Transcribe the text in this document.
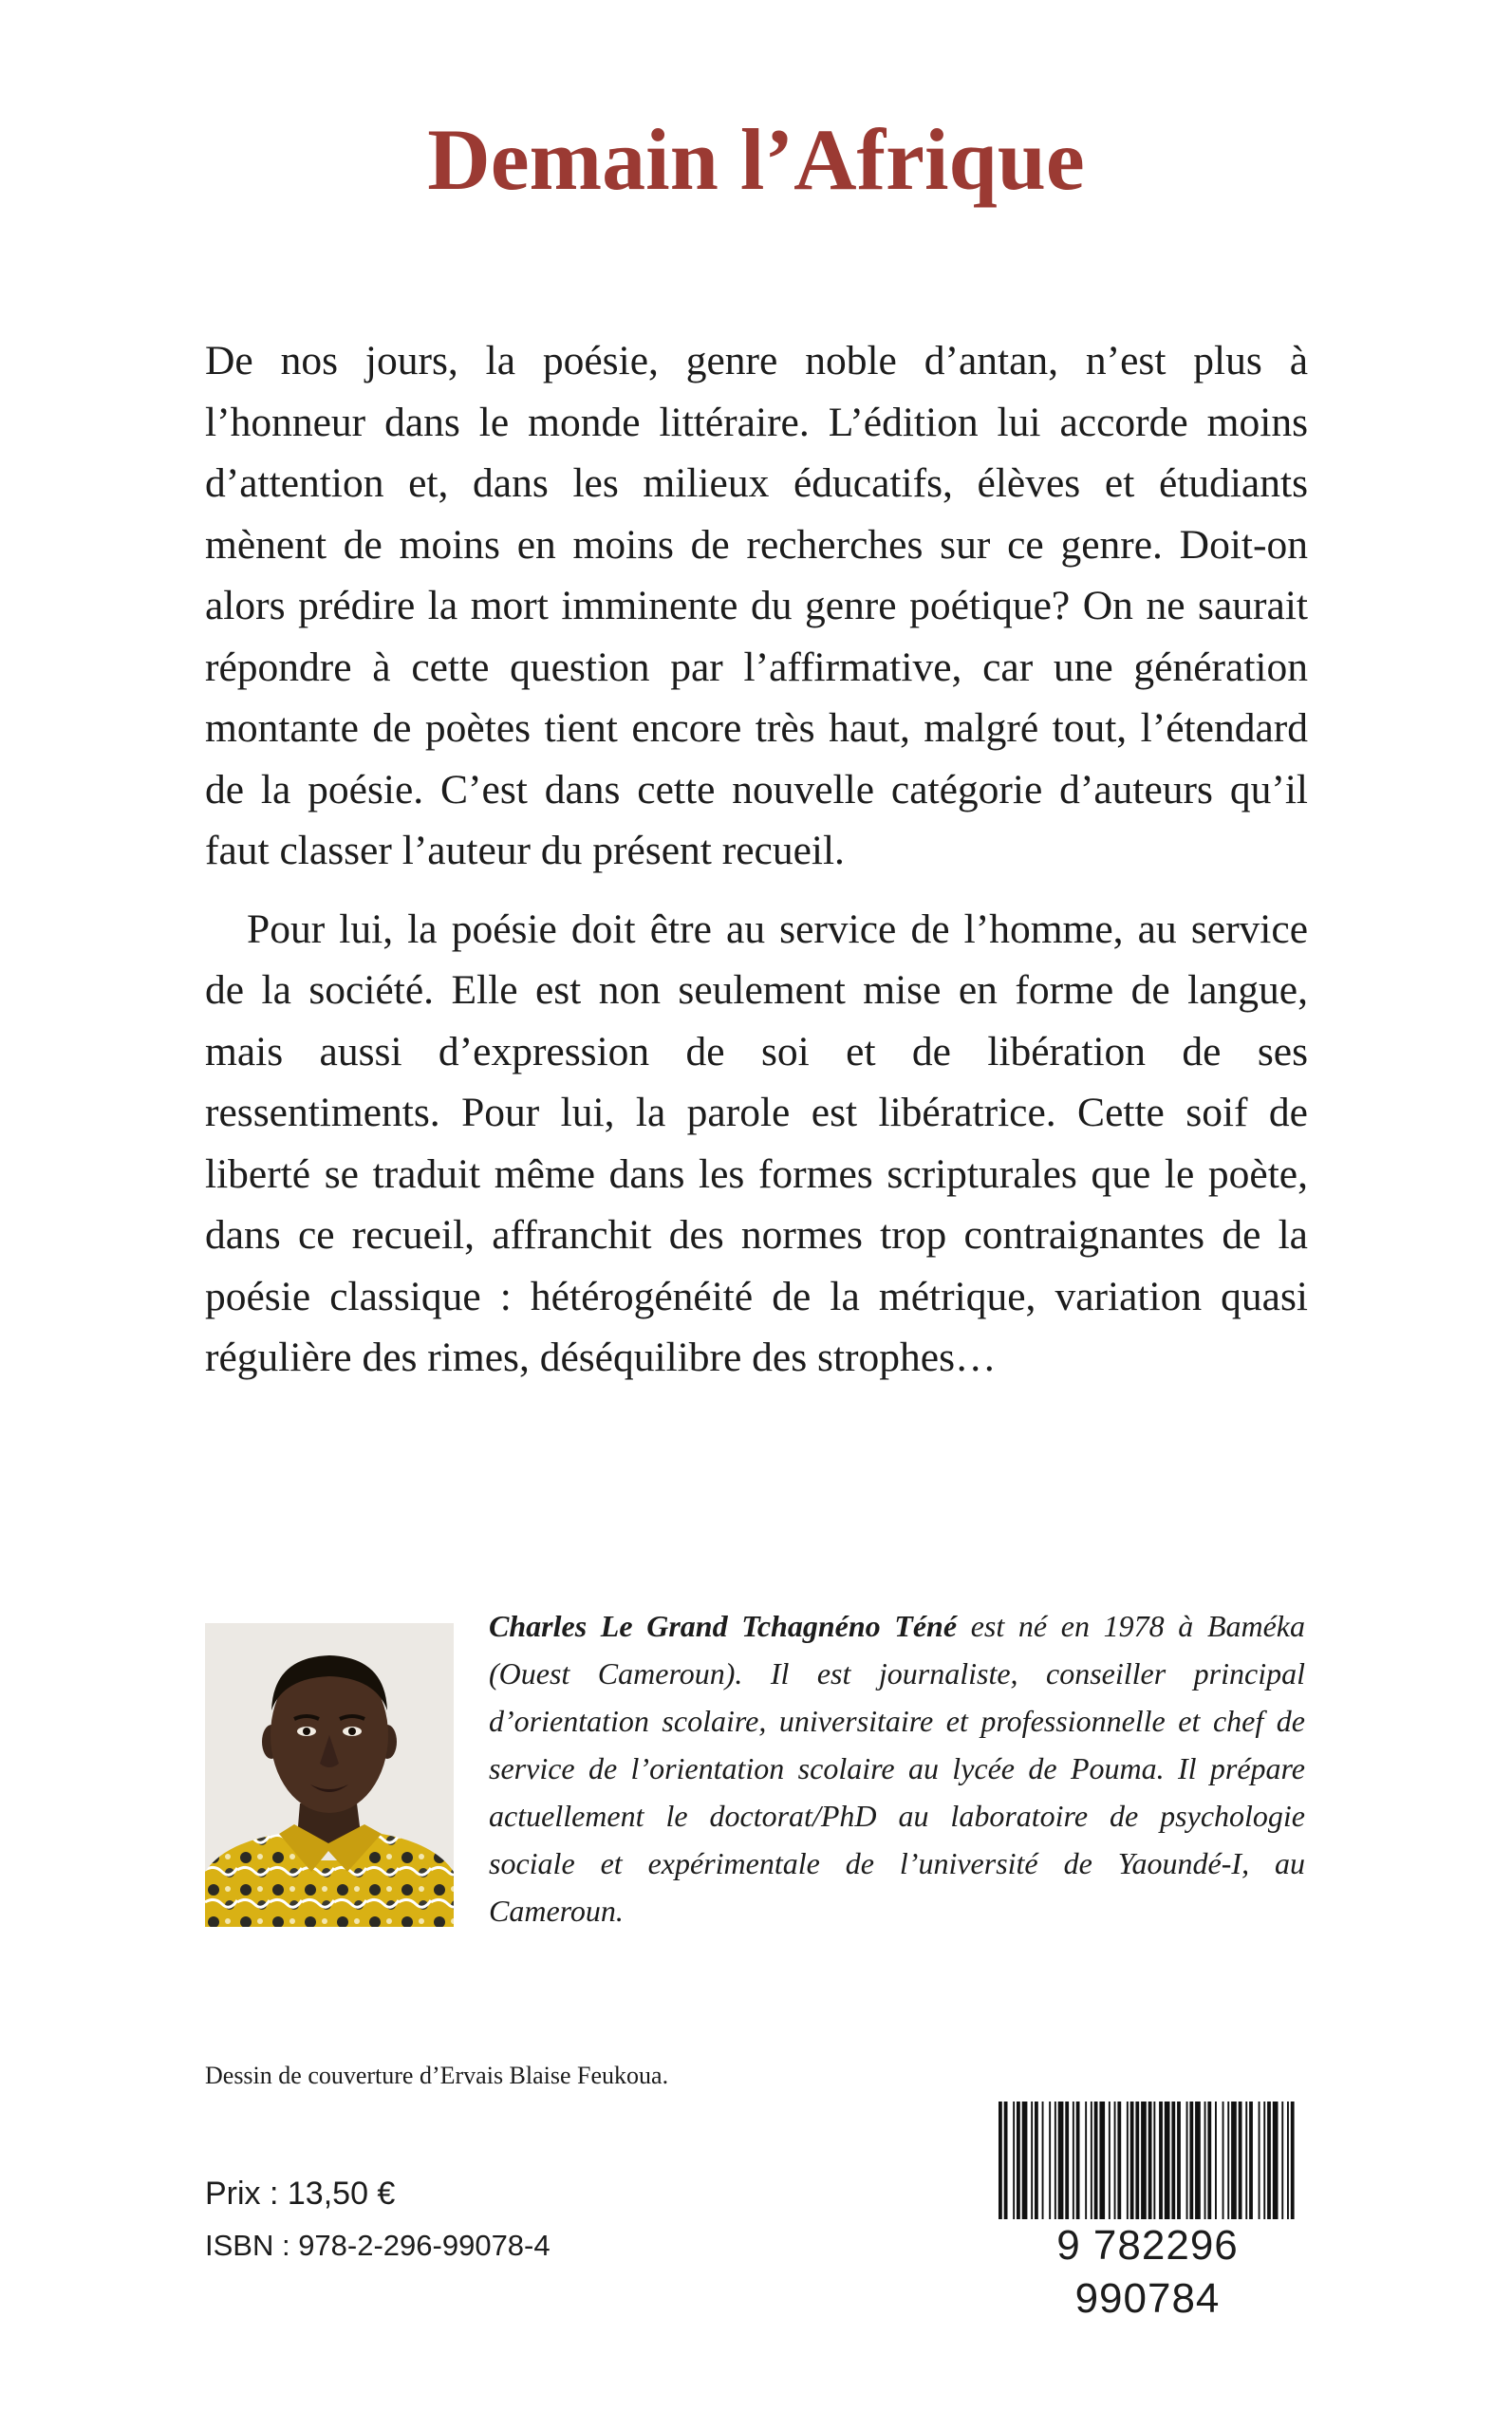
Demain l’Afrique

De nos jours, la poésie, genre noble d’antan, n’est plus à l’honneur dans le monde littéraire. L’édition lui accorde moins d’attention et, dans les milieux éducatifs, élèves et étudiants mènent de moins en moins de recherches sur ce genre. Doit-on alors prédire la mort imminente du genre poétique? On ne saurait répondre à cette question par l’affirmative, car une génération montante de poètes tient encore très haut, malgré tout, l’étendard de la poésie. C’est dans cette nouvelle catégorie d’auteurs qu’il faut classer l’auteur du présent recueil.

Pour lui, la poésie doit être au service de l’homme, au service de la société. Elle est non seulement mise en forme de langue, mais aussi d’expression de soi et de libération de ses ressentiments. Pour lui, la parole est libératrice. Cette soif de liberté se traduit même dans les formes scripturales que le poète, dans ce recueil, affranchit des normes trop contraignantes de la poésie classique : hétérogénéité de la métrique, variation quasi régulière des rimes, déséquilibre des strophes…

Charles Le Grand Tchagnéno Téné est né en 1978 à Baméka (Ouest Cameroun). Il est journaliste, conseiller principal d’orientation scolaire, universitaire et professionnelle et chef de service de l’orientation scolaire au lycée de Pouma. Il prépare actuellement le doctorat/PhD au laboratoire de psychologie sociale et expérimentale de l’université de Yaoundé-I, au Cameroun.

Dessin de couverture d’Ervais Blaise Feukoua.

Prix : 13,50 €

ISBN : 978-2-296-99078-4	9 782296 990784
